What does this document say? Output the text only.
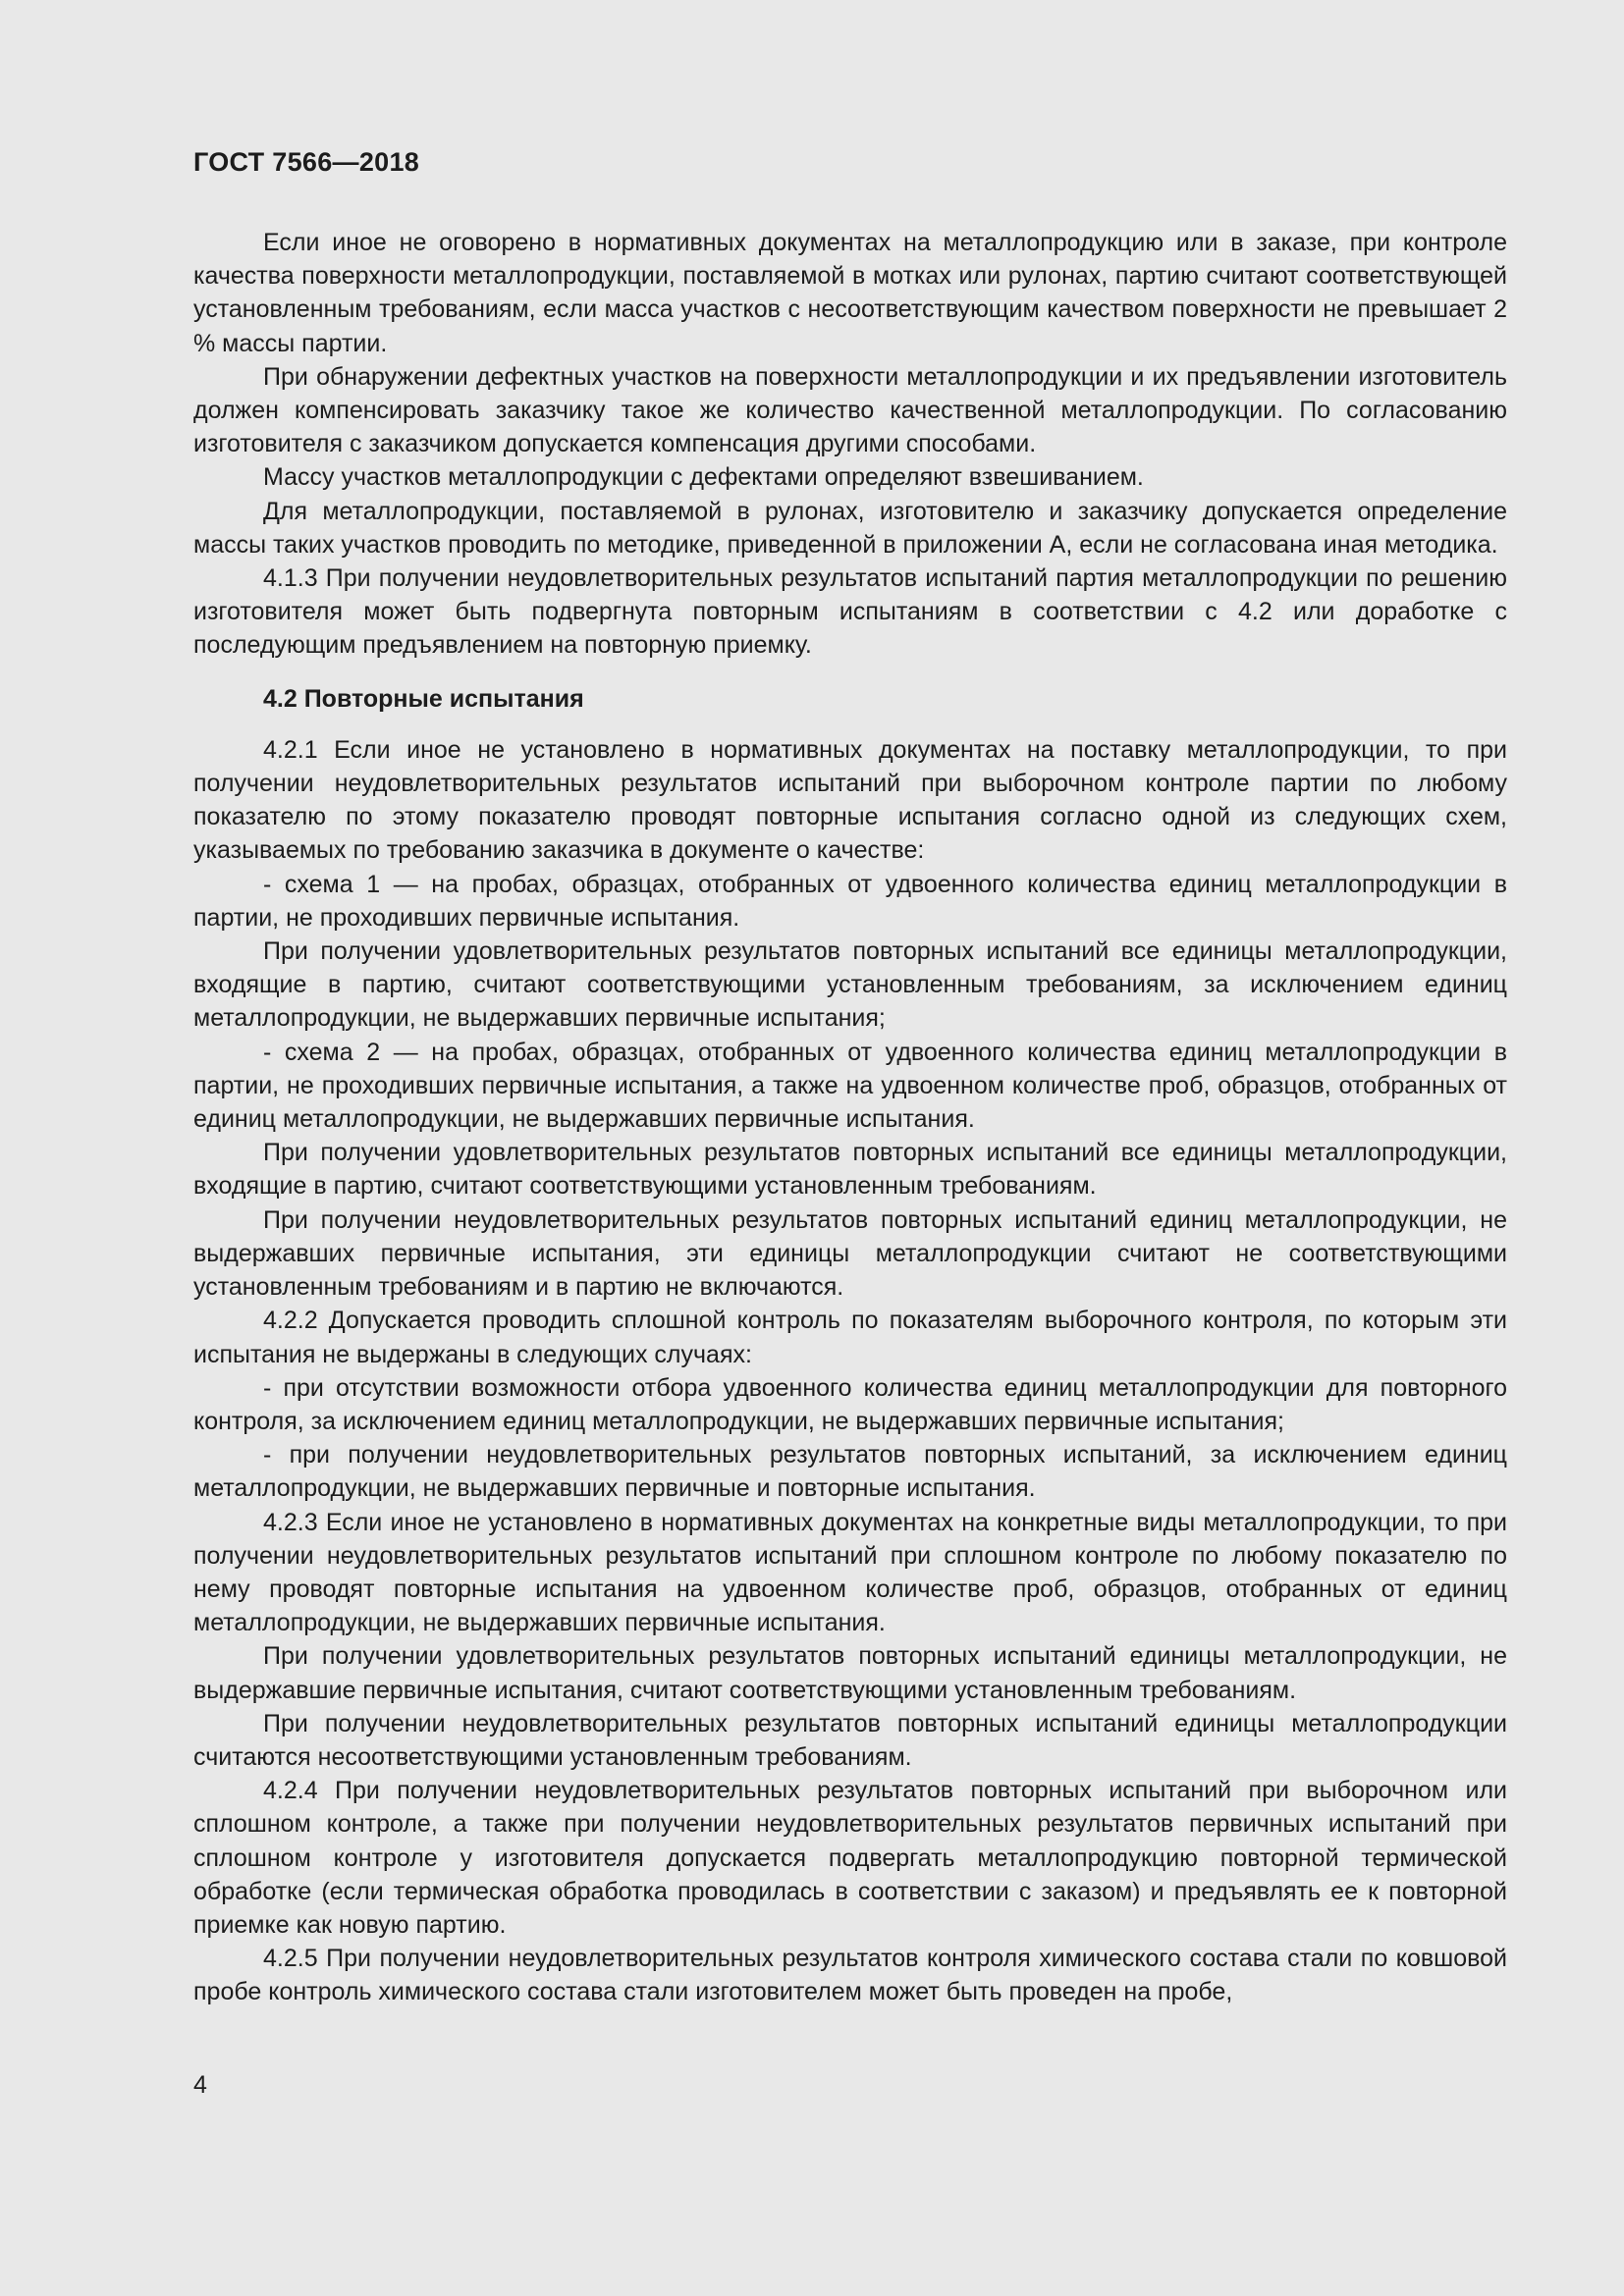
ГОСТ 7566—2018

Если иное не оговорено в нормативных документах на металлопродукцию или в заказе, при контроле качества поверхности металлопродукции, поставляемой в мотках или рулонах, партию считают соответствующей установленным требованиям, если масса участков с несоответствующим качеством поверхности не превышает 2 % массы партии.

При обнаружении дефектных участков на поверхности металлопродукции и их предъявлении изготовитель должен компенсировать заказчику такое же количество качественной металлопродукции. По согласованию изготовителя с заказчиком допускается компенсация другими способами.

Массу участков металлопродукции с дефектами определяют взвешиванием.

Для металлопродукции, поставляемой в рулонах, изготовителю и заказчику допускается определение массы таких участков проводить по методике, приведенной в приложении А, если не согласована иная методика.

4.1.3 При получении неудовлетворительных результатов испытаний партия металлопродукции по решению изготовителя может быть подвергнута повторным испытаниям в соответствии с 4.2 или доработке с последующим предъявлением на повторную приемку.

4.2 Повторные испытания

4.2.1 Если иное не установлено в нормативных документах на поставку металлопродукции, то при получении неудовлетворительных результатов испытаний при выборочном контроле партии по любому показателю по этому показателю проводят повторные испытания согласно одной из следующих схем, указываемых по требованию заказчика в документе о качестве:

- схема 1 — на пробах, образцах, отобранных от удвоенного количества единиц металлопродукции в партии, не проходивших первичные испытания.

При получении удовлетворительных результатов повторных испытаний все единицы металлопродукции, входящие в партию, считают соответствующими установленным требованиям, за исключением единиц металлопродукции, не выдержавших первичные испытания;

- схема 2 — на пробах, образцах, отобранных от удвоенного количества единиц металлопродукции в партии, не проходивших первичные испытания, а также на удвоенном количестве проб, образцов, отобранных от единиц металлопродукции, не выдержавших первичные испытания.

При получении удовлетворительных результатов повторных испытаний все единицы металлопродукции, входящие в партию, считают соответствующими установленным требованиям.

При получении неудовлетворительных результатов повторных испытаний единиц металлопродукции, не выдержавших первичные испытания, эти единицы металлопродукции считают не соответствующими установленным требованиям и в партию не включаются.

4.2.2 Допускается проводить сплошной контроль по показателям выборочного контроля, по которым эти испытания не выдержаны в следующих случаях:

- при отсутствии возможности отбора удвоенного количества единиц металлопродукции для повторного контроля, за исключением единиц металлопродукции, не выдержавших первичные испытания;

- при получении неудовлетворительных результатов повторных испытаний, за исключением единиц металлопродукции, не выдержавших первичные и повторные испытания.

4.2.3 Если иное не установлено в нормативных документах на конкретные виды металлопродукции, то при получении неудовлетворительных результатов испытаний при сплошном контроле по любому показателю по нему проводят повторные испытания на удвоенном количестве проб, образцов, отобранных от единиц металлопродукции, не выдержавших первичные испытания.

При получении удовлетворительных результатов повторных испытаний единицы металлопродукции, не выдержавшие первичные испытания, считают соответствующими установленным требованиям.

При получении неудовлетворительных результатов повторных испытаний единицы металлопродукции считаются несоответствующими установленным требованиям.

4.2.4 При получении неудовлетворительных результатов повторных испытаний при выборочном или сплошном контроле, а также при получении неудовлетворительных результатов первичных испытаний при сплошном контроле у изготовителя допускается подвергать металлопродукцию повторной термической обработке (если термическая обработка проводилась в соответствии с заказом) и предъявлять ее к повторной приемке как новую партию.

4.2.5 При получении неудовлетворительных результатов контроля химического состава стали по ковшовой пробе контроль химического состава стали изготовителем может быть проведен на пробе,

4
